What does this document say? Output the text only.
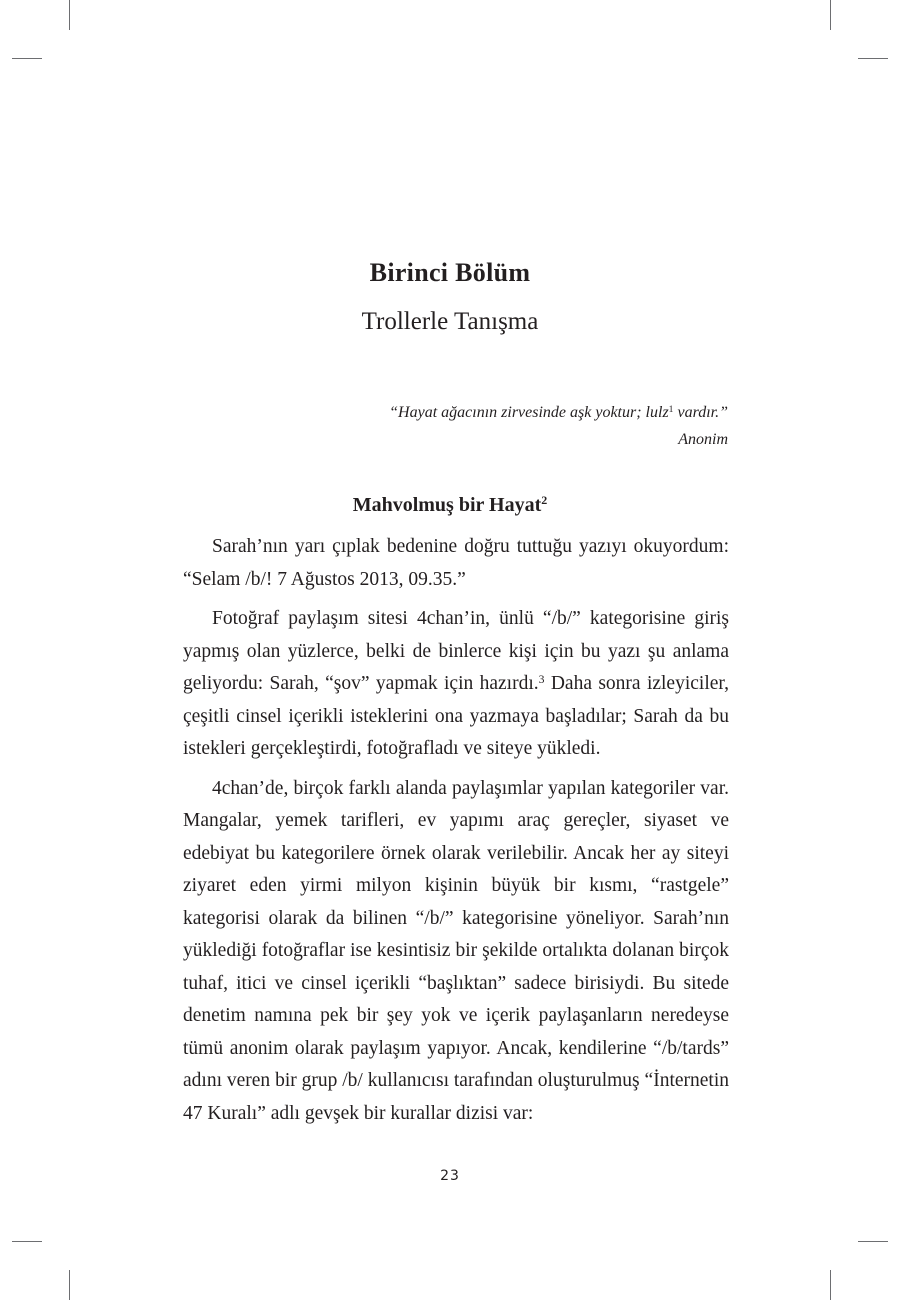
Birinci Bölüm
Trollerle Tanışma
“Hayat ağacının zirvesinde aşk yoktur; lulz$^1$ vardır.”
Anonim
Mahvolmuş bir Hayat$^2$

Sarah’nın yarı çıplak bedenine doğru tuttuğu yazıyı okuyordum: “Selam /b/! 7 Ağustos 2013, 09.35.”

Fotoğraf paylaşım sitesi 4chan’in, ünlü “/b/” kategorisine giriş yapmış olan yüzlerce, belki de binlerce kişi için bu yazı şu anlama geliyordu: Sarah, “şov” yapmak için hazırdı.$^3$ Daha sonra izleyiciler, çeşitli cinsel içerikli isteklerini ona yazmaya başladılar; Sarah da bu istekleri gerçekleştirdi, fotoğrafladı ve siteye yükledi.

4chan’de, birçok farklı alanda paylaşımlar yapılan kategoriler var. Mangalar, yemek tarifleri, ev yapımı araç gereçler, siyaset ve edebiyat bu kategorilere örnek olarak verilebilir. Ancak her ay siteyi ziyaret eden yirmi milyon kişinin büyük bir kısmı, “rastgele” kategorisi olarak da bilinen “/b/” kategorisine yöneliyor. Sarah’nın yüklediği fotoğraflar ise kesintisiz bir şekilde ortalıkta dolanan birçok tuhaf, itici ve cinsel içerikli “başlıktan” sadece birisiydi. Bu sitede denetim namına pek bir şey yok ve içerik paylaşanların neredeyse tümü anonim olarak paylaşım yapıyor. Ancak, kendilerine “/b/tards” adını veren bir grup /b/ kullanıcısı tarafından oluşturulmuş “İnternetin 47 Kuralı” adlı gevşek bir kurallar dizisi var:

23
